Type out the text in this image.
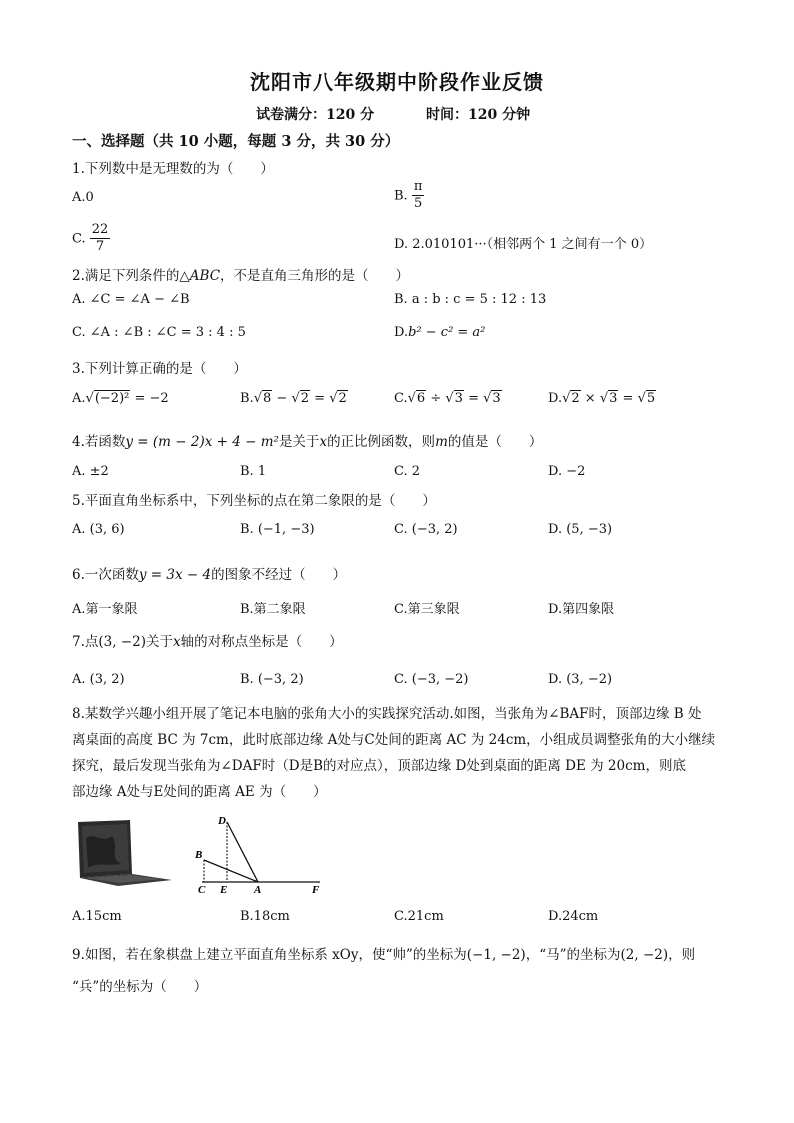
沈阳市八年级期中阶段作业反馈
试卷满分：120 分	时间：120 分钟
一、选择题（共 10 小题，每题 3 分，共 30 分）
1.下列数中是无理数的为（　　）
A.0	B. $\frac{\pi}{5}$
C. $\frac{22}{7}$	D. 2.010101···（相邻两个 1 之间有一个 0）
2.满足下列条件的△ABC，不是直角三角形的是（　　）
A. ∠C = ∠A − ∠B	B. a : b : c = 5 : 12 : 13
C. ∠A : ∠B : ∠C = 3 : 4 : 5	D.b² − c² = a²
3.下列计算正确的是（　　）
A.√(−2)² = −2	B.√8 − √2 = √2	C.√6 ÷ √3 = √3	D.√2 × √3 = √5
4.若函数y = (m − 2)x + 4 − m²是关于x的正比例函数，则m的值是（　　）
A. ±2	B. 1	C. 2	D. −2
5.平面直角坐标系中，下列坐标的点在第二象限的是（　　）
A. (3, 6)	B. (−1, −3)	C. (−3, 2)	D. (5, −3)
6.一次函数y = 3x − 4的图象不经过（　　）
A.第一象限	B.第二象限	C.第三象限	D.第四象限
7.点(3, −2)关于x轴的对称点坐标是（　　）
A. (3, 2)	B. (−3, 2)	C. (−3, −2)	D. (3, −2)
8.某数学兴趣小组开展了笔记本电脑的张角大小的实践探究活动.如图，当张角为∠BAF时，顶部边缘 B 处
离桌面的高度 BC 为 7cm，此时底部边缘 A处与C处间的距离 AC 为 24cm，小组成员调整张角的大小继续
探究，最后发现当张角为∠DAF时（D是B的对应点），顶部边缘 D处到桌面的距离 DE 为 20cm，则底
部边缘 A处与E处间的距离 AE 为（　　）
D
B
C E A	F
A.15cm	B.18cm	C.21cm	D.24cm
9.如图，若在象棋盘上建立平面直角坐标系 xOy，使“帅”的坐标为(−1, −2)，“马”的坐标为(2, −2)，则
“兵”的坐标为（　　）
